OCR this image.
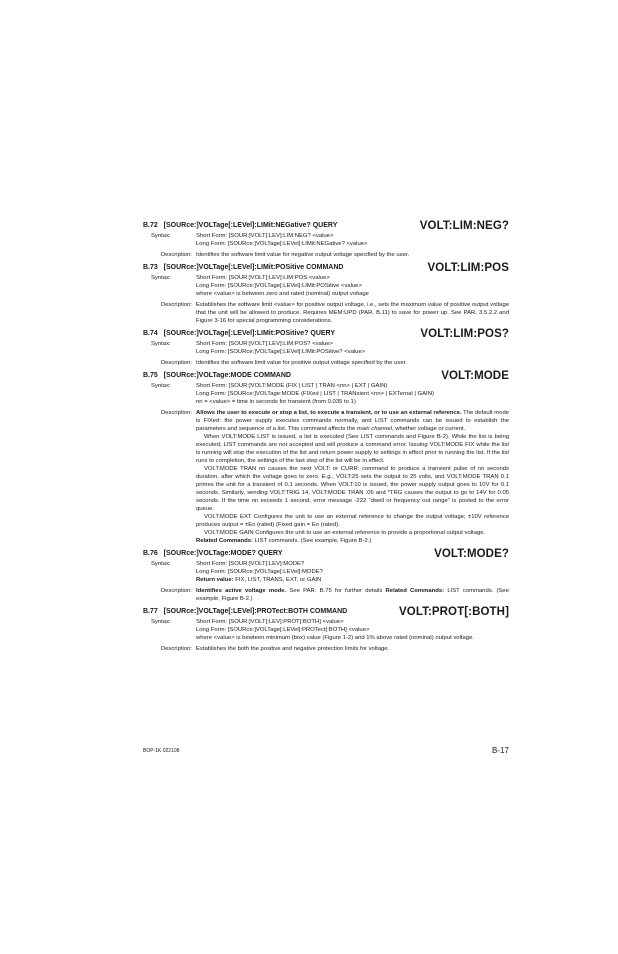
B.72 [SOURce:]VOLTage[:LEVel]:LIMit:NEGative? QUERY	VOLT:LIM:NEG?
Syntax:	Short Form: [SOUR:]VOLT[:LEV]:LIM:NEG? <value>
Long Form: [SOURce:]VOLTage[:LEVel]:LIMit:NEGative? <value>
Description: Identifies the software limit value for negative output voltage specified by the user.
B.73 [SOURce:]VOLTage[:LEVel]:LIMit:POSitive COMMAND	VOLT:LIM:POS
Syntax:	Short Form: [SOUR:]VOLT[:LEV]:LIM:POS <value>
Long Form: [SOURce:]VOLTage[:LEVel]:LIMit:POSitive <value>
where <value> is between zero and rated (nominal) output voltage
Description: Establishes the software limit <value> for positive output voltage, i.e., sets the maximum value of positive output voltage that the unit will be allowed to produce. Requires MEM:UPD (PAR. B.11) to save for power up. See PAR. 3.5.2.2 and Figure 3-16 for special programming considerations.
B.74 [SOURce:]VOLTage[:LEVel]:LIMit:POSitive? QUERY	VOLT:LIM:POS?
Syntax:	Short Form: [SOUR:]VOLT[:LEV]:LIM:POS? <value>
Long Form: [SOURce:]VOLTage[:LEVel]:LIMit:POSitive? <value>
Description: Identifies the software limit value for positive output voltage specified by the user.
B.75 [SOURce:]VOLTage:MODE COMMAND	VOLT:MODE
Syntax:	Short Form: [SOUR:]VOLT:MODE (FIX | LIST | TRAN <nn> | EXT | GAIN)
Long Form: [SOURce:]VOLTage:MODE (FIXed | LIST | TRANsient <nn> | EXTernal | GAIN)
nn = <value> = time in seconds for transient (from 0.035 to 1)
Description: Allows the user to execute or stop a list, to execute a transient, or to use an external reference. The default mode is FIXed: the power supply executes commands normally, and LIST commands can be issued to establish the parameters and sequence of a list. This command affects the main channel, whether voltage or current.
When VOLT:MODE LIST is issued, a list is executed (See LIST commands and Figure B-2). While the list is being executed, LIST commands are not accepted and will produce a command error. Issuing VOLT:MODE FIX while the list is running will stop the execution of the list and return power supply to settings in effect prior to running the list. If the list runs to completion, the settings of the last step of the list will be in effect.
VOLT:MODE TRAN nn causes the next VOLT: or CURR: command to produce a transient pulse of nn seconds duration, after which the voltage goes to zero. E.g., VOLT:25 sets the output to 25 volts, and VOLT:MODE TRAN 0.1 primes the unit for a transient of 0.1 seconds. When VOLT:10 is issued, the power supply output goes to 10V for 0.1 seconds. Similarly, sending VOLT:TRIG 14, VOLT:MODE TRAN .05 and *TRG causes the output to go to 14V for 0.05 seconds. If the time nn exceeds 1 second, error message -222 “dwell or frequency out range” is posted to the error queue.
VOLT:MODE EXT Configures the unit to use an external reference to change the output voltage; ±10V reference produces output = ±Eo (rated) (Fixed gain = Eo (rated).
VOLT:MODE GAIN Configures the unit to use an external reference to provide a proportional output voltage.
Related Commands: LIST commands. (See example, Figure B-2.)
B.76 [SOURce:]VOLTage:MODE? QUERY	VOLT:MODE?
Syntax:	Short Form: [SOUR:]VOLT[:LEV]:MODE?
Long Form: [SOURce:]VOLTage[:LEVel]:MODE?
Return value: FIX, LIST, TRANS, EXT, or GAIN
Description: Identifies active voltage mode. See PAR. B.75 for further details Related Commands: LIST commands. (See example, Figure B-2.)
B.77 [SOURce:]VOLTage[:LEVel]:PROTect:BOTH COMMAND	VOLT:PROT[:BOTH]
Syntax:	Short Form: [SOUR:]VOLT[:LEV]:PROT[:BOTH] <value>
Long Form: [SOURce:]VOLTage[:LEVel]:PROTect[:BOTH] <value>
where <value> is bewteen minimum (box) value (Figure 1-2) and 1% above rated (nominal) output voltage.
Description: Establishes the both the positive and negative protection limits for voltage.
BOP-1K 022108	B-17
